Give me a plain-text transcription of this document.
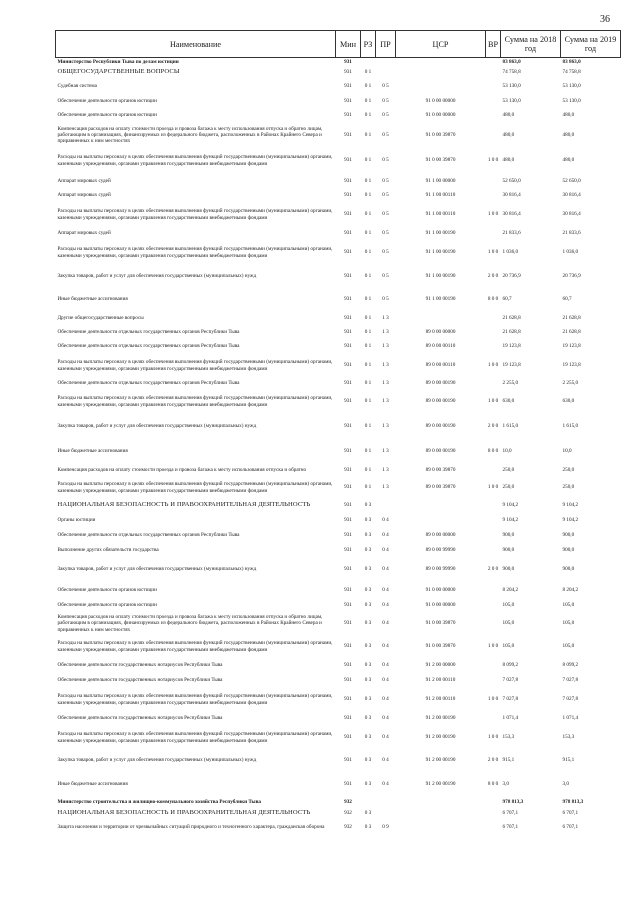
36
Наименование	Мин	РЗ	ПР	ЦСР	ВР	Сумма на 2018 год	Сумма на 2019 год
Министерство Республики Тыва по делам юстиции	931					83 863,0	83 863,0
ОБЩЕГОСУДАРСТВЕННЫЕ ВОПРОСЫ	931	0 1				74 758,8	74 758,8
Судебная система	931	0 1	0 5			53 130,0	53 130,0
Обеспечение деятельности органов юстиции	931	0 1	0 5	91 0 00 00000		53 130,0	53 130,0
Обеспечение деятельности органов юстиции	931	0 1	0 5	91 0 00 00000		480,0	480,0
Компенсация расходов на оплату стоимости проезда и провоза багажа к месту использования отпуска и обратно лицам, работающим в организациях, финансируемых из федерального бюджета, расположенных в Районах Крайнего Севера и приравненных к ним местностях	931	0 1	0 5	91 0 00 39870		480,0	480,0
Расходы на выплаты персоналу в целях обеспечения выполнения функций государственными (муниципальными) органами, казенными учреждениями, органами управления государственными внебюджетными фондами	931	0 1	0 5	91 0 00 39870	1 0 0	480,0	480,0
Аппарат мировых судей	931	0 1	0 5	91 1 00 00000		52 650,0	52 650,0
Аппарат мировых судей	931	0 1	0 5	91 1 00 00110		30 816,4	30 816,4
Расходы на выплаты персоналу в целях обеспечения выполнения функций государственными (муниципальными) органами, казенными учреждениями, органами управления государственными внебюджетными фондами	931	0 1	0 5	91 1 00 00110	1 0 0	30 816,4	30 816,4
Аппарат мировых судей	931	0 1	0 5	91 1 00 00190		21 833,6	21 833,6
Расходы на выплаты персоналу в целях обеспечения выполнения функций государственными (муниципальными) органами, казенными учреждениями, органами управления государственными внебюджетными фондами	931	0 1	0 5	91 1 00 00190	1 0 0	1 036,0	1 036,0
Закупка товаров, работ и услуг для обеспечения государственных (муниципальных) нужд	931	0 1	0 5	91 1 00 00190	2 0 0	20 736,9	20 736,9
Иные бюджетные ассигнования	931	0 1	0 5	91 1 00 00190	8 0 0	60,7	60,7
Другие общегосударственные вопросы	931	0 1	1 3			21 628,8	21 628,8
Обеспечение деятельности отдельных государственных органов Республики Тыва	931	0 1	1 3	89 0 00 00000		21 628,8	21 628,8
Обеспечение деятельности отдельных государственных органов Республики Тыва	931	0 1	1 3	89 0 00 00110		19 123,8	19 123,8
Расходы на выплаты персоналу в целях обеспечения выполнения функций государственными (муниципальными) органами, казенными учреждениями, органами управления государственными внебюджетными фондами	931	0 1	1 3	89 0 00 00110	1 0 0	19 123,8	19 123,8
Обеспечение деятельности отдельных государственных органов Республики Тыва	931	0 1	1 3	89 0 00 00190		2 255,0	2 255,0
Расходы на выплаты персоналу в целях обеспечения выполнения функций государственными (муниципальными) органами, казенными учреждениями, органами управления государственными внебюджетными фондами	931	0 1	1 3	89 0 00 00190	1 0 0	630,0	630,0
Закупка товаров, работ и услуг для обеспечения государственных (муниципальных) нужд	931	0 1	1 3	89 0 00 00190	2 0 0	1 615,0	1 615,0
Иные бюджетные ассигнования	931	0 1	1 3	89 0 00 00190	8 0 0	10,0	10,0
Компенсация расходов на оплату стоимости проезда и провоза багажа к месту использования отпуска и обратно	931	0 1	1 3	89 0 00 39870		250,0	250,0
Расходы на выплаты персоналу в целях обеспечения выполнения функций государственными (муниципальными) органами, казенными учреждениями, органами управления государственными внебюджетными фондами	931	0 1	1 3	89 0 00 39870	1 0 0	250,0	250,0
НАЦИОНАЛЬНАЯ БЕЗОПАСНОСТЬ И ПРАВООХРАНИТЕЛЬНАЯ ДЕЯТЕЛЬНОСТЬ	931	0 3				9 104,2	9 104,2
Органы юстиции	931	0 3	0 4			9 104,2	9 104,2
Обеспечение деятельности отдельных государственных органов Республики Тыва	931	0 3	0 4	89 0 00 00000		900,0	900,0
Выполнение других обязательств государства	931	0 3	0 4	89 0 00 99990		900,0	900,0
Закупка товаров, работ и услуг для обеспечения государственных (муниципальных) нужд	931	0 3	0 4	89 0 00 99990	2 0 0	900,0	900,0
Обеспечение деятельности органов юстиции	931	0 3	0 4	91 0 00 00000		8 204,2	8 204,2
Обеспечение деятельности органов юстиции	931	0 3	0 4	91 0 00 00000		105,0	105,0
Компенсация расходов на оплату стоимости проезда и провоза багажа к месту использования отпуска и обратно лицам, работающим в организациях, финансируемых из федерального бюджета, расположенных в Районах Крайнего Севера и приравненных к ним местностях	931	0 3	0 4	91 0 00 39870		105,0	105,0
Расходы на выплаты персоналу в целях обеспечения выполнения функций государственными (муниципальными) органами, казенными учреждениями, органами управления государственными внебюджетными фондами	931	0 3	0 4	91 0 00 39870	1 0 0	105,0	105,0
Обеспечение деятельности государственных нотариусов Республики Тыва	931	0 3	0 4	91 2 00 00000		8 099,2	8 099,2
Обеспечение деятельности государственных нотариусов Республики Тыва	931	0 3	0 4	91 2 00 00110		7 027,8	7 027,8
Расходы на выплаты персоналу в целях обеспечения выполнения функций государственными (муниципальными) органами, казенными учреждениями, органами управления государственными внебюджетными фондами	931	0 3	0 4	91 2 00 00110	1 0 0	7 027,8	7 027,8
Обеспечение деятельности государственных нотариусов Республики Тыва	931	0 3	0 4	91 2 00 00190		1 071,4	1 071,4
Расходы на выплаты персоналу в целях обеспечения выполнения функций государственными (муниципальными) органами, казенными учреждениями, органами управления государственными внебюджетными фондами	931	0 3	0 4	91 2 00 00190	1 0 0	153,3	153,3
Закупка товаров, работ и услуг для обеспечения государственных (муниципальных) нужд	931	0 3	0 4	91 2 00 00190	2 0 0	915,1	915,1
Иные бюджетные ассигнования	931	0 3	0 4	91 2 00 00190	8 0 0	3,0	3,0
Министерство строительства и жилищно-коммунального хозяйства Республики Тыва	932					978 813,3	978 813,3
НАЦИОНАЛЬНАЯ БЕЗОПАСНОСТЬ И ПРАВООХРАНИТЕЛЬНАЯ ДЕЯТЕЛЬНОСТЬ	932	0 3				6 707,1	6 707,1
Защита населения и территории от чрезвычайных ситуаций природного и техногенного характера, гражданская оборона	932	0 3	0 9			6 707,1	6 707,1
